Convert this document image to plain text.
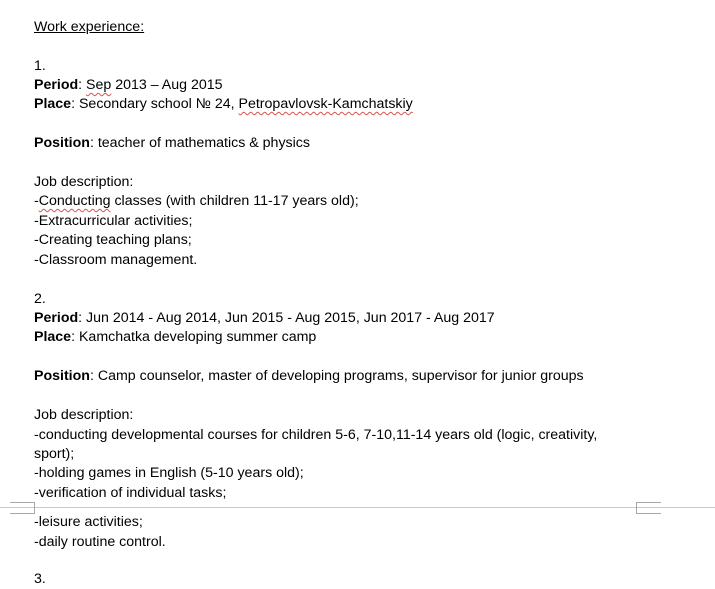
Work experience:
1.
Period: Sep 2013 – Aug 2015
Place: Secondary school № 24, Petropavlovsk-Kamchatskiy
Position: teacher of mathematics & physics
Job description:
-Conducting classes (with children 11-17 years old);
-Extracurricular activities;
-Creating teaching plans;
-Classroom management.
2.
Period: Jun 2014 - Aug 2014, Jun 2015 - Aug 2015, Jun 2017 - Aug 2017
Place: Kamchatka developing summer camp
Position: Camp counselor, master of developing programs, supervisor for junior groups
Job description:
-conducting developmental courses for children 5-6, 7-10,11-14 years old (logic, creativity,
sport);
-holding games in English (5-10 years old);
-verification of individual tasks;
-leisure activities;
-daily routine control.
3.
